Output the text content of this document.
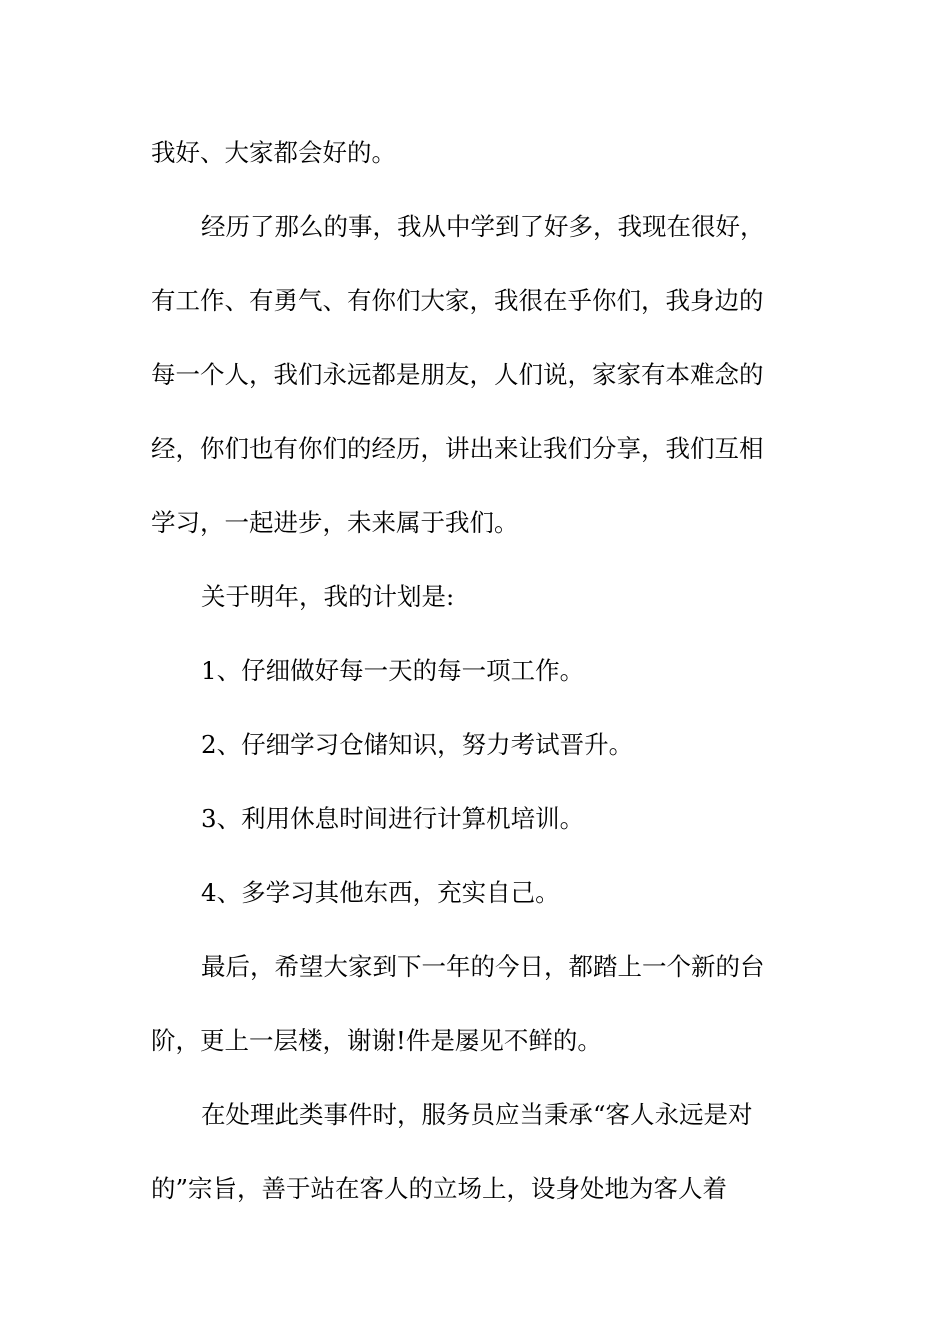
我好、大家都会好的。

经历了那么的事，我从中学到了好多，我现在很好，

有工作、有勇气、有你们大家，我很在乎你们，我身边的

每一个人，我们永远都是朋友，人们说，家家有本难念的

经，你们也有你们的经历，讲出来让我们分享，我们互相

学习，一起进步，未来属于我们。

关于明年，我的计划是:

1、仔细做好每一天的每一项工作。

2、仔细学习仓储知识，努力考试晋升。

3、利用休息时间进行计算机培训。

4、多学习其他东西，充实自己。

最后，希望大家到下一年的今日，都踏上一个新的台

阶，更上一层楼，谢谢!件是屡见不鲜的。

在处理此类事件时，服务员应当秉承“客人永远是对

的”宗旨，善于站在客人的立场上，设身处地为客人着
